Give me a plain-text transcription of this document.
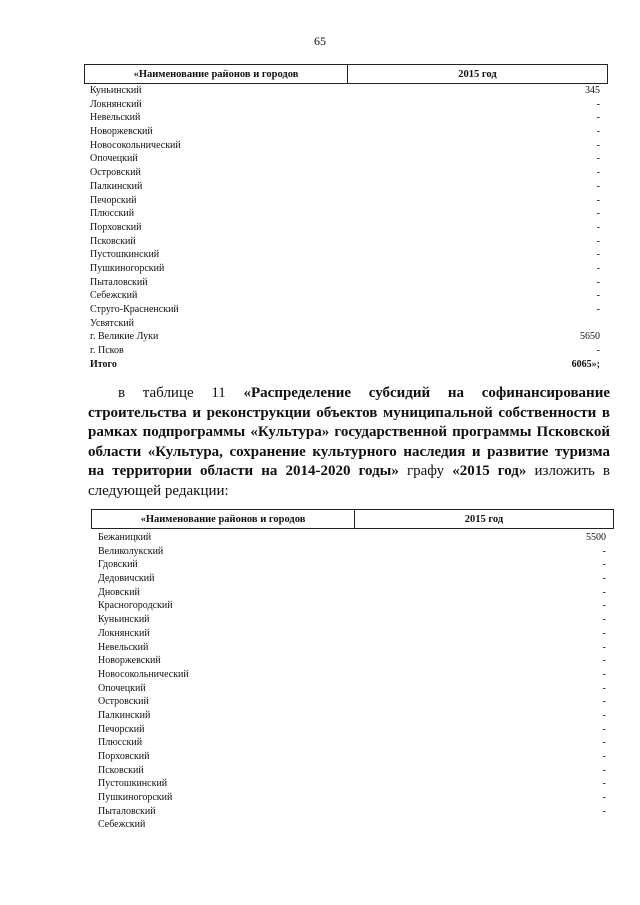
65
«Наименование районов и городов	2015 год
Куньинский	345
Локнянский	-
Невельский	-
Новоржевский	-
Новосокольнический	-
Опочецкий	-
Островский	-
Палкинский	-
Печорский	-
Плюсский	-
Порховский	-
Псковский	-
Пустошкинский	-
Пушкиногорский	-
Пыталовский	-
Себежский	-
Струго-Красненский	-
Усвятский
г. Великие Луки	5650
г. Псков	-
Итого	6065»;
в таблице 11 «Распределение субсидий на софинансирование строительства и реконструкции объектов муниципальной собственности в рамках подпрограммы «Культура» государственной программы Псковской области «Культура, сохранение культурного наследия и развитие туризма на территории области на 2014-2020 годы» графу «2015 год» изложить в следующей редакции:
«Наименование районов и городов	2015 год
Бежаницкий	5500
Великолукский	-
Гдовский	-
Дедовичский	-
Дновский	-
Красногородский	-
Куньинский	-
Локнянский	-
Невельский	-
Новоржевский	-
Новосокольнический	-
Опочецкий	-
Островский	-
Палкинский	-
Печорский	-
Плюсский	-
Порховский	-
Псковский	-
Пустошкинский	-
Пушкиногорский	-
Пыталовский	-
Себежский
